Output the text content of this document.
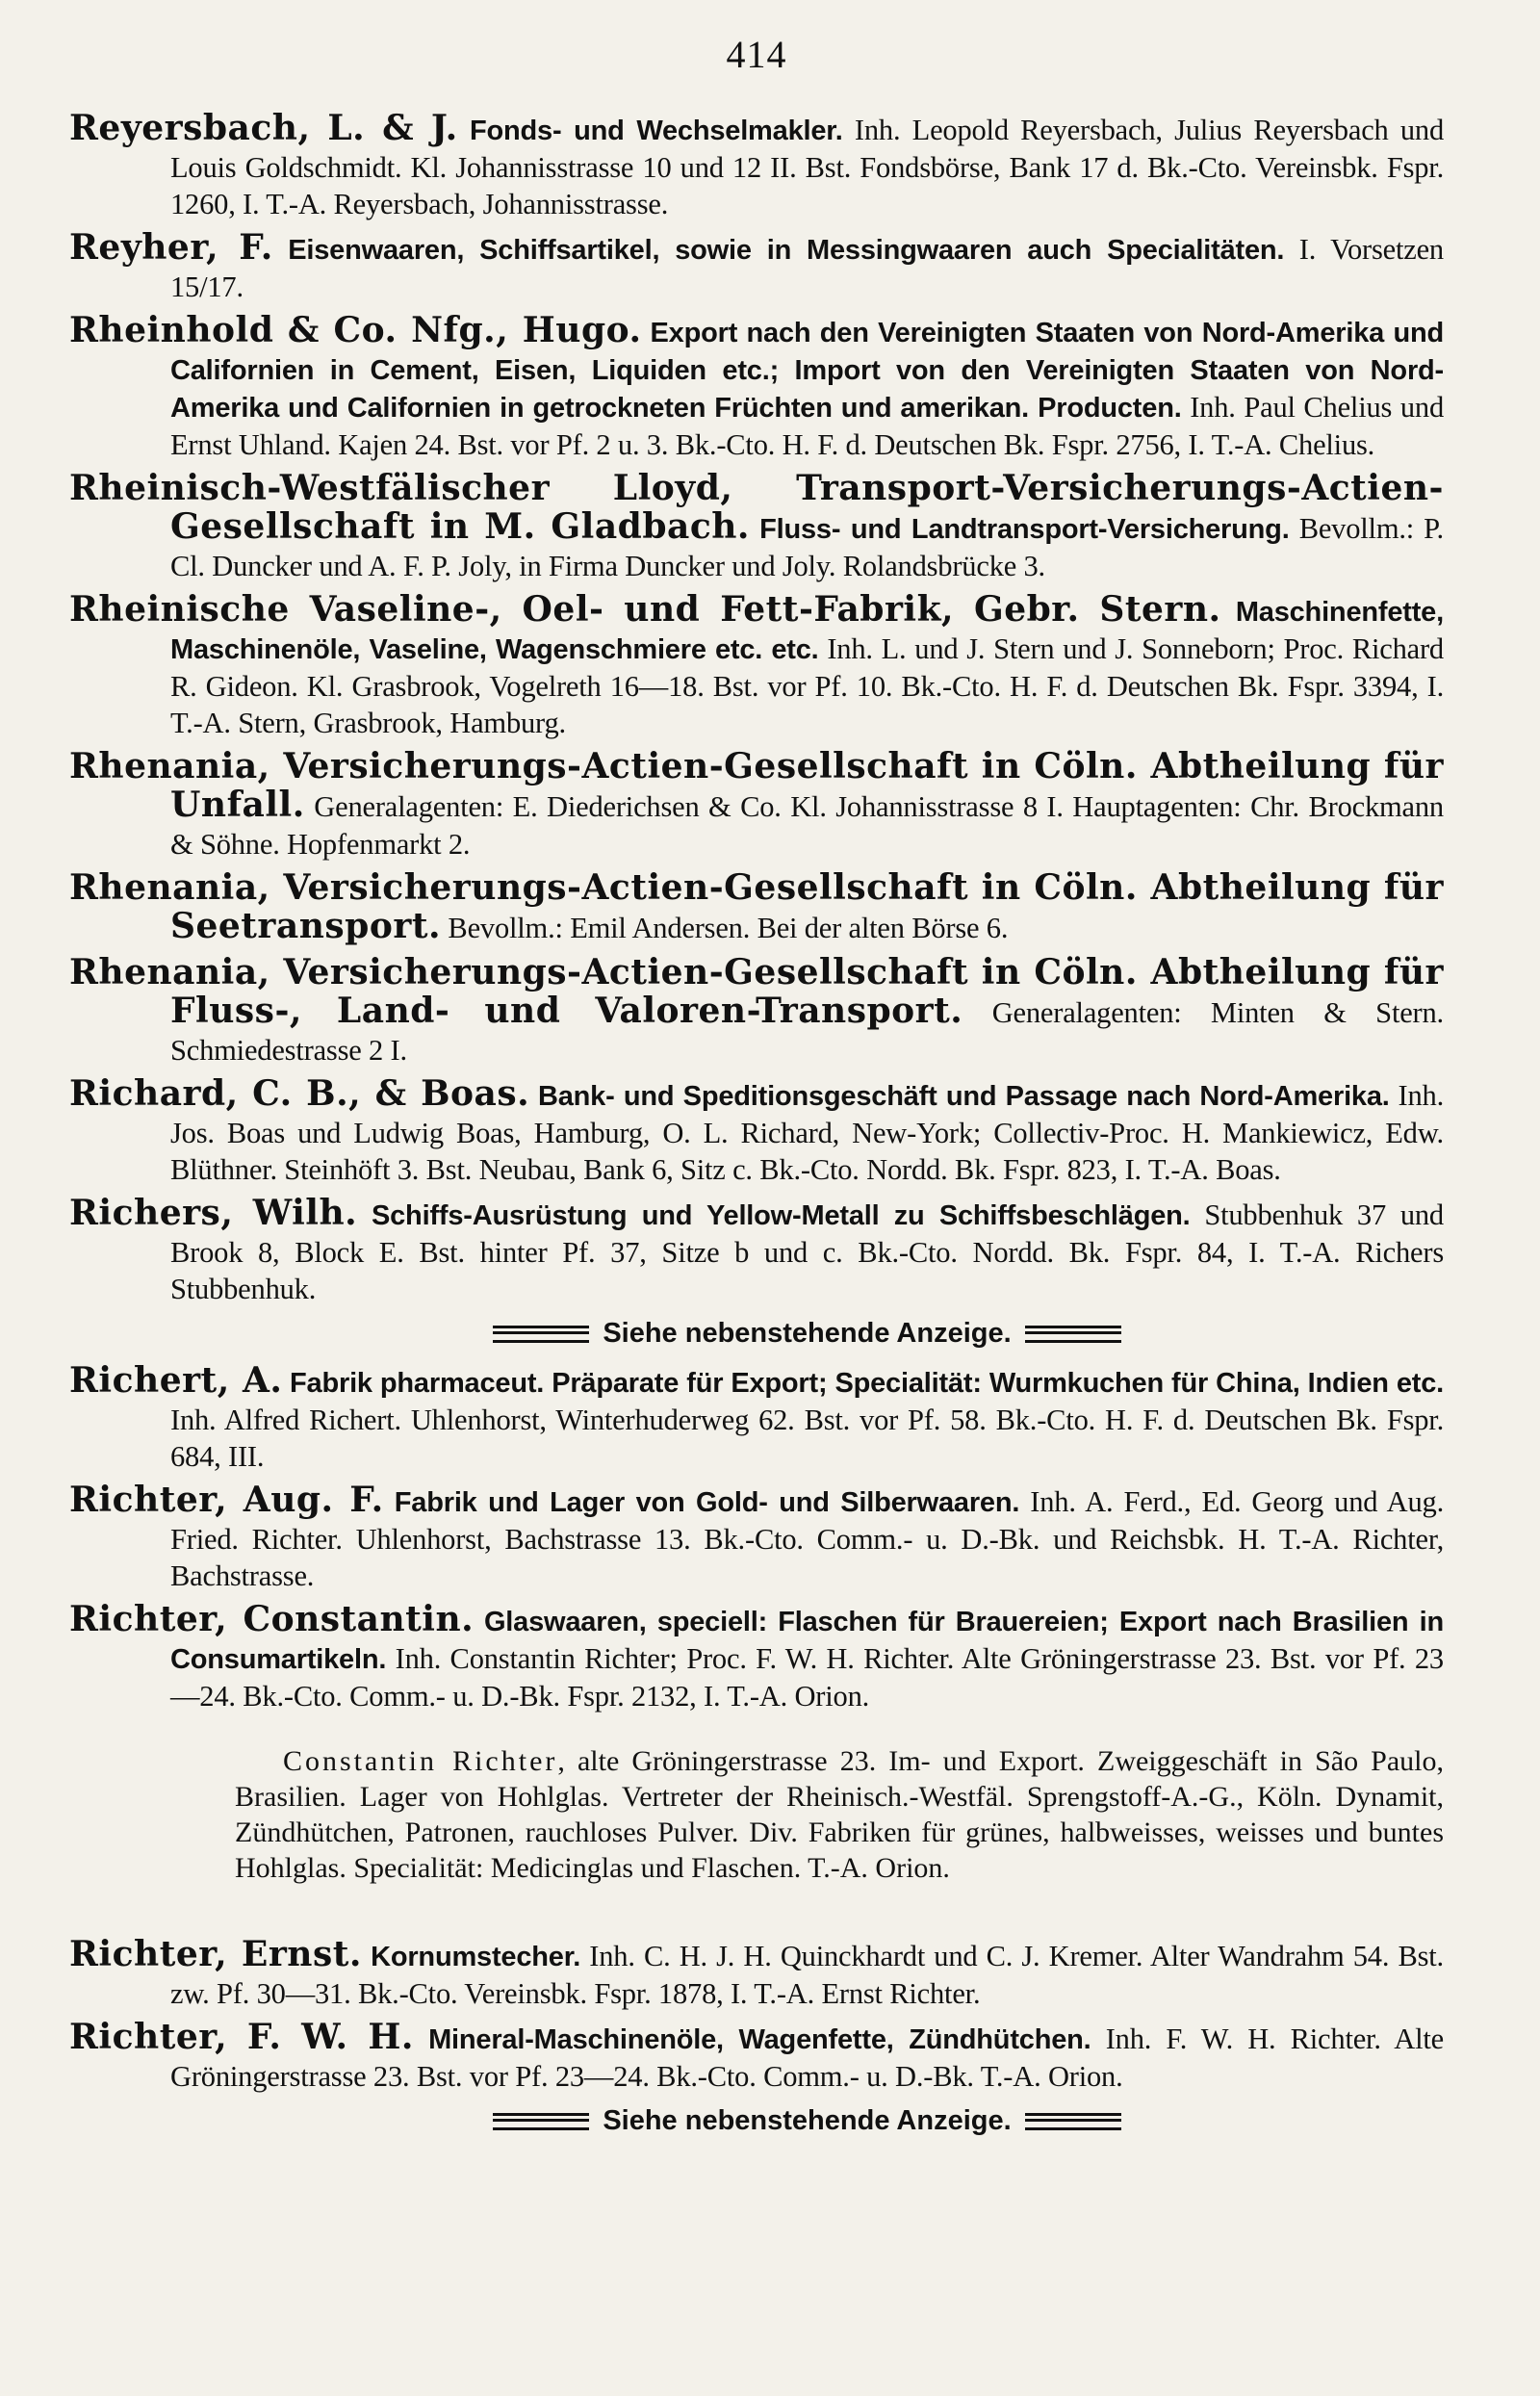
414

Reyersbach, L. & J. Fonds- und Wechselmakler. Inh. Leopold Reyersbach, Julius Reyersbach und Louis Goldschmidt. Kl. Johannisstrasse 10 und 12 II. Bst. Fondsbörse, Bank 17 d. Bk.-Cto. Vereinsbk. Fspr. 1260, I. T.-A. Reyersbach, Johannisstrasse.

Reyher, F. Eisenwaaren, Schiffsartikel, sowie in Messingwaaren auch Specialitäten. I. Vorsetzen 15/17.

Rheinhold & Co. Nfg., Hugo. Export nach den Vereinigten Staaten von Nord-Amerika und Californien in Cement, Eisen, Liquiden etc.; Import von den Vereinigten Staaten von Nord-Amerika und Californien in getrockneten Früchten und amerikan. Producten. Inh. Paul Chelius und Ernst Uhland. Kajen 24. Bst. vor Pf. 2 u. 3. Bk.-Cto. H. F. d. Deutschen Bk. Fspr. 2756, I. T.-A. Chelius.

Rheinisch-Westfälischer Lloyd, Transport-Versicherungs-Actien-Gesellschaft in M. Gladbach. Fluss- und Landtransport-Versicherung. Bevollm.: P. Cl. Duncker und A. F. P. Joly, in Firma Duncker und Joly. Rolandsbrücke 3.

Rheinische Vaseline-, Oel- und Fett-Fabrik, Gebr. Stern. Maschinenfette, Maschinenöle, Vaseline, Wagenschmiere etc. etc. Inh. L. und J. Stern und J. Sonneborn; Proc. Richard R. Gideon. Kl. Grasbrook, Vogelreth 16—18. Bst. vor Pf. 10. Bk.-Cto. H. F. d. Deutschen Bk. Fspr. 3394, I. T.-A. Stern, Grasbrook, Hamburg.

Rhenania, Versicherungs-Actien-Gesellschaft in Cöln. Abtheilung für Unfall. Generalagenten: E. Diederichsen & Co. Kl. Johannisstrasse 8 I. Hauptagenten: Chr. Brockmann & Söhne. Hopfenmarkt 2.

Rhenania, Versicherungs-Actien-Gesellschaft in Cöln. Abtheilung für Seetransport. Bevollm.: Emil Andersen. Bei der alten Börse 6.

Rhenania, Versicherungs-Actien-Gesellschaft in Cöln. Abtheilung für Fluss-, Land- und Valoren-Transport. Generalagenten: Minten & Stern. Schmiedestrasse 2 I.

Richard, C. B., & Boas. Bank- und Speditionsgeschäft und Passage nach Nord-Amerika. Inh. Jos. Boas und Ludwig Boas, Hamburg, O. L. Richard, New-York; Collectiv-Proc. H. Mankiewicz, Edw. Blüthner. Steinhöft 3. Bst. Neubau, Bank 6, Sitz c. Bk.-Cto. Nordd. Bk. Fspr. 823, I. T.-A. Boas.

Richers, Wilh. Schiffs-Ausrüstung und Yellow-Metall zu Schiffsbeschlägen. Stubbenhuk 37 und Brook 8, Block E. Bst. hinter Pf. 37, Sitze b und c. Bk.-Cto. Nordd. Bk. Fspr. 84, I. T.-A. Richers Stubbenhuk.

Siehe nebenstehende Anzeige.

Richert, A. Fabrik pharmaceut. Präparate für Export; Specialität: Wurmkuchen für China, Indien etc. Inh. Alfred Richert. Uhlenhorst, Winterhuderweg 62. Bst. vor Pf. 58. Bk.-Cto. H. F. d. Deutschen Bk. Fspr. 684, III.

Richter, Aug. F. Fabrik und Lager von Gold- und Silberwaaren. Inh. A. Ferd., Ed. Georg und Aug. Fried. Richter. Uhlenhorst, Bachstrasse 13. Bk.-Cto. Comm.- u. D.-Bk. und Reichsbk. H. T.-A. Richter, Bachstrasse.

Richter, Constantin. Glaswaaren, speciell: Flaschen für Brauereien; Export nach Brasilien in Consumartikeln. Inh. Constantin Richter; Proc. F. W. H. Richter. Alte Gröningerstrasse 23. Bst. vor Pf. 23—24. Bk.-Cto. Comm.- u. D.-Bk. Fspr. 2132, I. T.-A. Orion.

Constantin Richter, alte Gröningerstrasse 23. Im- und Export. Zweiggeschäft in São Paulo, Brasilien. Lager von Hohlglas. Vertreter der Rheinisch.-Westfäl. Sprengstoff-A.-G., Köln. Dynamit, Zündhütchen, Patronen, rauchloses Pulver. Div. Fabriken für grünes, halbweisses, weisses und buntes Hohlglas. Specialität: Medicinglas und Flaschen. T.-A. Orion.

Richter, Ernst. Kornumstecher. Inh. C. H. J. H. Quinckhardt und C. J. Kremer. Alter Wandrahm 54. Bst. zw. Pf. 30—31. Bk.-Cto. Vereinsbk. Fspr. 1878, I. T.-A. Ernst Richter.

Richter, F. W. H. Mineral-Maschinenöle, Wagenfette, Zündhütchen. Inh. F. W. H. Richter. Alte Gröningerstrasse 23. Bst. vor Pf. 23—24. Bk.-Cto. Comm.- u. D.-Bk. T.-A. Orion.

Siehe nebenstehende Anzeige.
